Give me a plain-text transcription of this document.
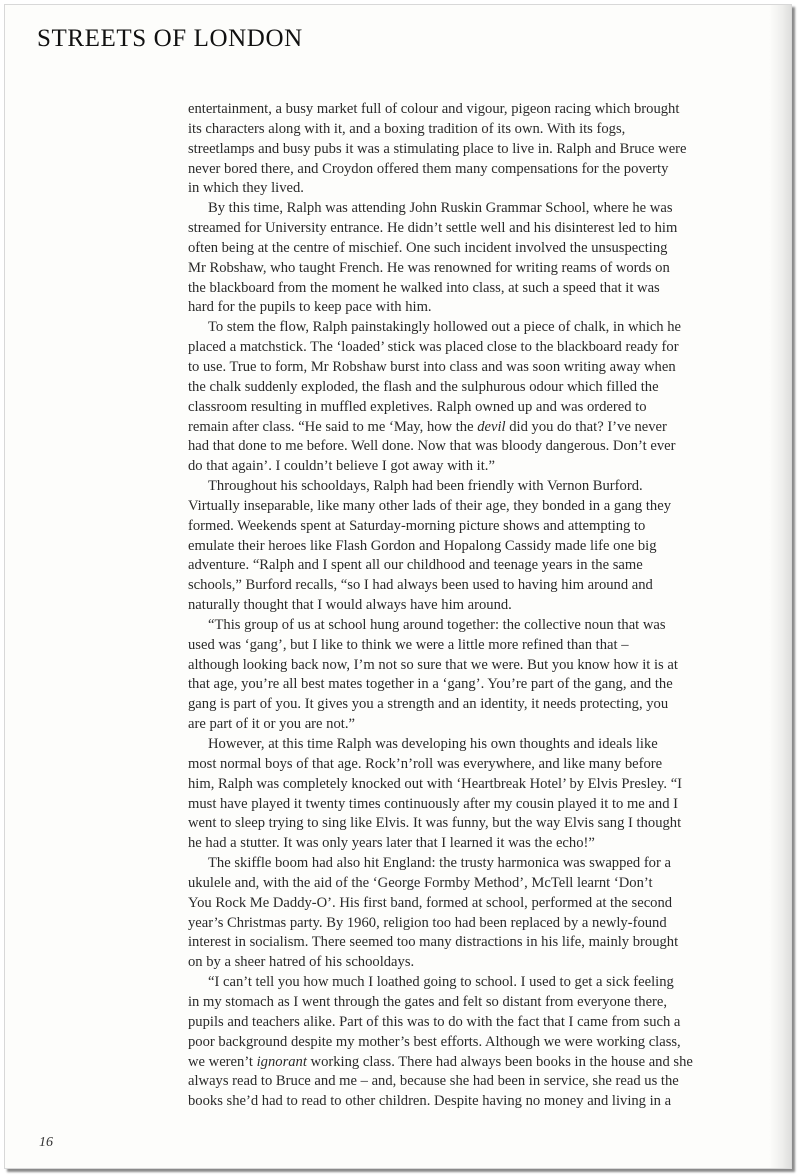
STREETS OF LONDON

entertainment, a busy market full of colour and vigour, pigeon racing which brought
its characters along with it, and a boxing tradition of its own. With its fogs,
streetlamps and busy pubs it was a stimulating place to live in. Ralph and Bruce were
never bored there, and Croydon offered them many compensations for the poverty
in which they lived.

By this time, Ralph was attending John Ruskin Grammar School, where he was
streamed for University entrance. He didn’t settle well and his disinterest led to him
often being at the centre of mischief. One such incident involved the unsuspecting
Mr Robshaw, who taught French. He was renowned for writing reams of words on
the blackboard from the moment he walked into class, at such a speed that it was
hard for the pupils to keep pace with him.

To stem the flow, Ralph painstakingly hollowed out a piece of chalk, in which he
placed a matchstick. The ‘loaded’ stick was placed close to the blackboard ready for
to use. True to form, Mr Robshaw burst into class and was soon writing away when
the chalk suddenly exploded, the flash and the sulphurous odour which filled the
classroom resulting in muffled expletives. Ralph owned up and was ordered to
remain after class. “He said to me ‘May, how the devil did you do that? I’ve never
had that done to me before. Well done. Now that was bloody dangerous. Don’t ever
do that again’. I couldn’t believe I got away with it.”

Throughout his schooldays, Ralph had been friendly with Vernon Burford.
Virtually inseparable, like many other lads of their age, they bonded in a gang they
formed. Weekends spent at Saturday-morning picture shows and attempting to
emulate their heroes like Flash Gordon and Hopalong Cassidy made life one big
adventure. “Ralph and I spent all our childhood and teenage years in the same
schools,” Burford recalls, “so I had always been used to having him around and
naturally thought that I would always have him around.

“This group of us at school hung around together: the collective noun that was
used was ‘gang’, but I like to think we were a little more refined than that –
although looking back now, I’m not so sure that we were. But you know how it is at
that age, you’re all best mates together in a ‘gang’. You’re part of the gang, and the
gang is part of you. It gives you a strength and an identity, it needs protecting, you
are part of it or you are not.”

However, at this time Ralph was developing his own thoughts and ideals like
most normal boys of that age. Rock’n’roll was everywhere, and like many before
him, Ralph was completely knocked out with ‘Heartbreak Hotel’ by Elvis Presley. “I
must have played it twenty times continuously after my cousin played it to me and I
went to sleep trying to sing like Elvis. It was funny, but the way Elvis sang I thought
he had a stutter. It was only years later that I learned it was the echo!”

The skiffle boom had also hit England: the trusty harmonica was swapped for a
ukulele and, with the aid of the ‘George Formby Method’, McTell learnt ‘Don’t
You Rock Me Daddy-O’. His first band, formed at school, performed at the second
year’s Christmas party. By 1960, religion too had been replaced by a newly-found
interest in socialism. There seemed too many distractions in his life, mainly brought
on by a sheer hatred of his schooldays.

“I can’t tell you how much I loathed going to school. I used to get a sick feeling
in my stomach as I went through the gates and felt so distant from everyone there,
pupils and teachers alike. Part of this was to do with the fact that I came from such a
poor background despite my mother’s best efforts. Although we were working class,
we weren’t ignorant working class. There had always been books in the house and she
always read to Bruce and me – and, because she had been in service, she read us the
books she’d had to read to other children. Despite having no money and living in a

16
